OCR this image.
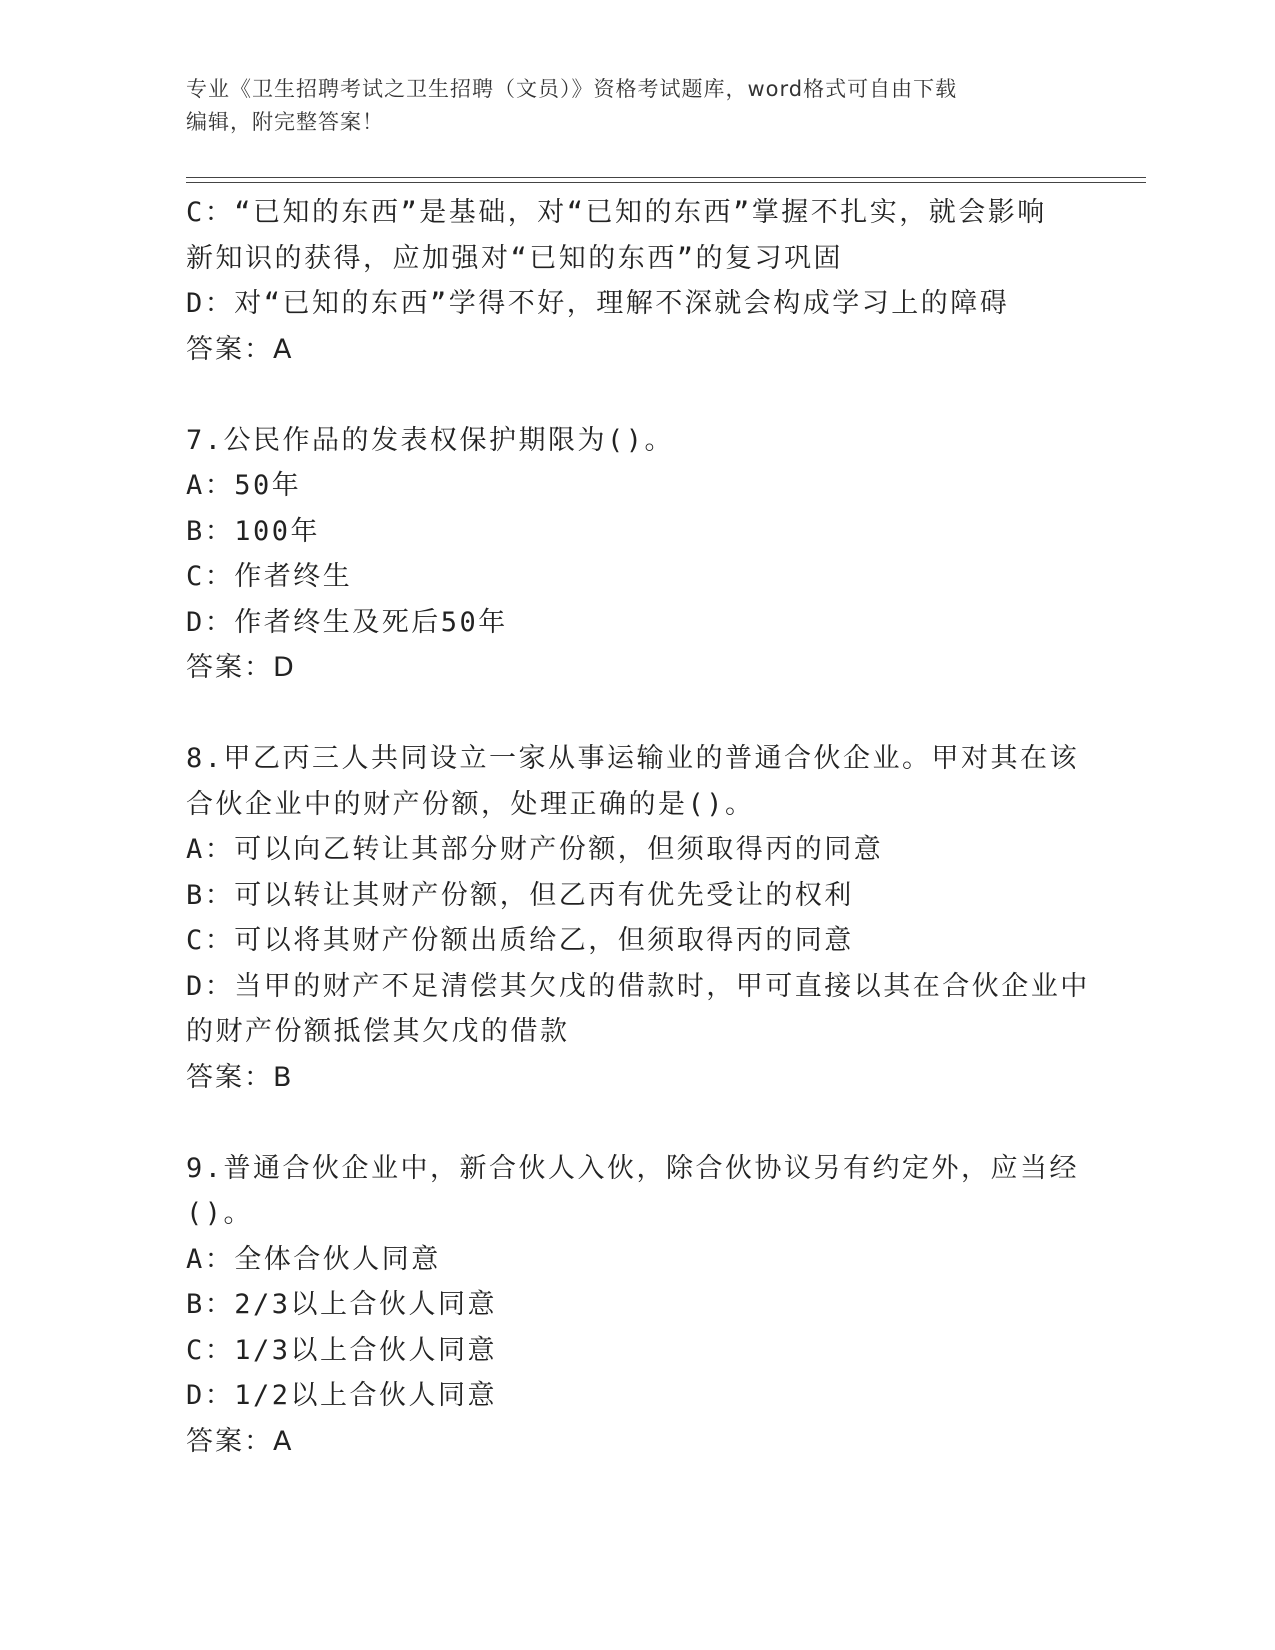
专业《卫生招聘考试之卫生招聘（文员）》资格考试题库，word格式可自由下载
编辑，附完整答案！
C：“已知的东西”是基础，对“已知的东西”掌握不扎实，就会影响
新知识的获得，应加强对“已知的东西”的复习巩固
D：对“已知的东西”学得不好，理解不深就会构成学习上的障碍
答案：A
7.公民作品的发表权保护期限为()。
A：50年
B：100年
C：作者终生
D：作者终生及死后50年
答案：D
8.甲乙丙三人共同设立一家从事运输业的普通合伙企业。甲对其在该
合伙企业中的财产份额，处理正确的是()。
A：可以向乙转让其部分财产份额，但须取得丙的同意
B：可以转让其财产份额，但乙丙有优先受让的权利
C：可以将其财产份额出质给乙，但须取得丙的同意
D：当甲的财产不足清偿其欠戊的借款时，甲可直接以其在合伙企业中
的财产份额抵偿其欠戊的借款
答案：B
9.普通合伙企业中，新合伙人入伙，除合伙协议另有约定外，应当经
()。
A：全体合伙人同意
B：2/3以上合伙人同意
C：1/3以上合伙人同意
D：1/2以上合伙人同意
答案：A
